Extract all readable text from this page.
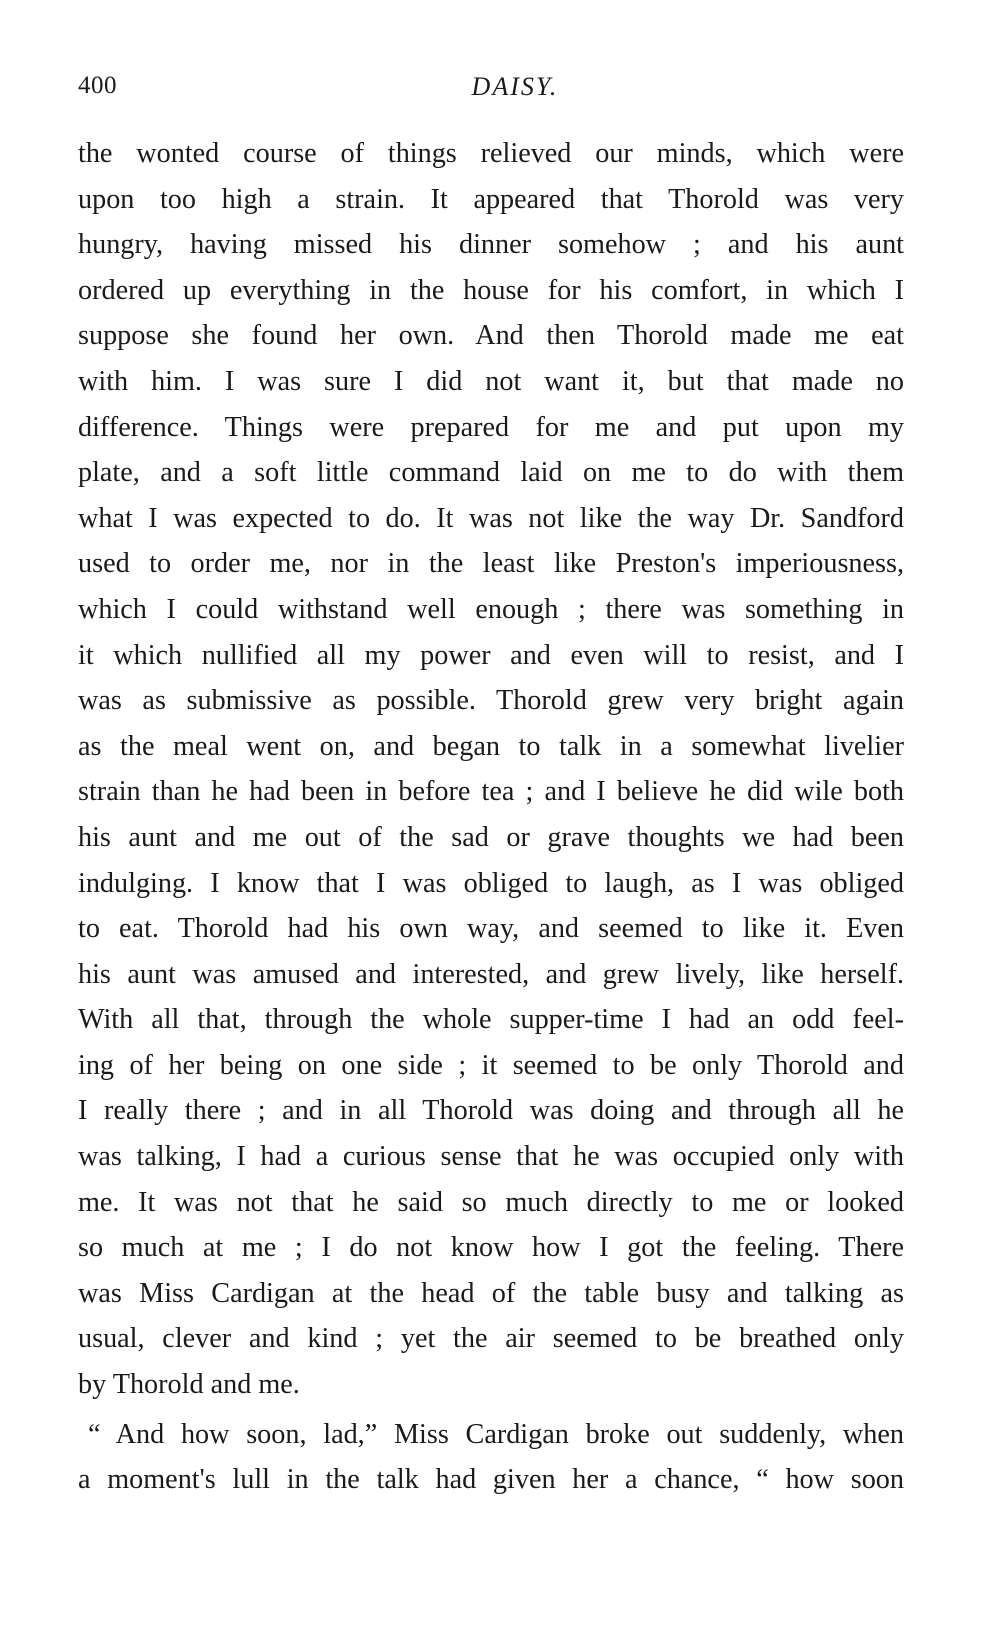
400	DAISY.
the wonted course of things relieved our minds, which were
upon too high a strain. It appeared that Thorold was very
hungry, having missed his dinner somehow ; and his aunt
ordered up everything in the house for his comfort, in which I
suppose she found her own. And then Thorold made me eat
with him. I was sure I did not want it, but that made no
difference. Things were prepared for me and put upon my
plate, and a soft little command laid on me to do with them
what I was expected to do. It was not like the way Dr. Sandford
used to order me, nor in the least like Preston's imperiousness,
which I could withstand well enough ; there was something in
it which nullified all my power and even will to resist, and I
was as submissive as possible. Thorold grew very bright again
as the meal went on, and began to talk in a somewhat livelier
strain than he had been in before tea ; and I believe he did wile both
his aunt and me out of the sad or grave thoughts we had been
indulging. I know that I was obliged to laugh, as I was obliged
to eat. Thorold had his own way, and seemed to like it. Even
his aunt was amused and interested, and grew lively, like herself.
With all that, through the whole supper-time I had an odd feel-
ing of her being on one side ; it seemed to be only Thorold and
I really there ; and in all Thorold was doing and through all he
was talking, I had a curious sense that he was occupied only with
me. It was not that he said so much directly to me or looked
so much at me ; I do not know how I got the feeling. There
was Miss Cardigan at the head of the table busy and talking as
usual, clever and kind ; yet the air seemed to be breathed only
by Thorold and me.
“ And how soon, lad,” Miss Cardigan broke out suddenly, when
a moment's lull in the talk had given her a chance, “ how soon
